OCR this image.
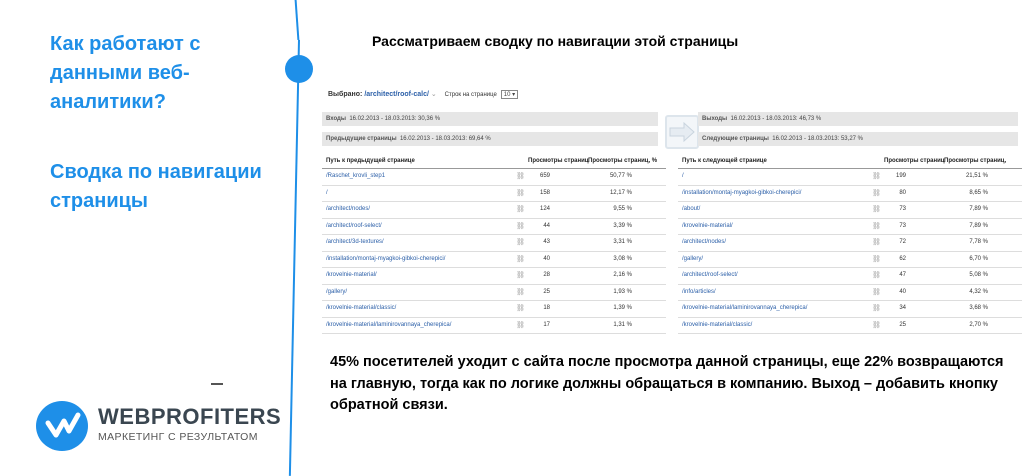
Как работают с данными веб-аналитики?
Сводка по навигации страницы
Рассматриваем сводку по навигации этой страницы
Выбрано: /architect/roof-calc/ ⌄ Строк на странице 10 ▾
Входы 16.02.2013 - 18.03.2013: 30,36 %
Предыдущие страницы 16.02.2013 - 18.03.2013: 69,64 %
Выходы 16.02.2013 - 18.03.2013: 46,73 %
Следующие страницы 16.02.2013 - 18.03.2013: 53,27 %
Путь к предыдущей странице	Просмотры страниц Просмотры страниц, %
/Raschet_krovli_step1	⛓	659	50,77 %
/	⛓	158	12,17 %
/architect/nodes/	⛓	124	9,55 %
/architect/roof-select/	⛓	44	3,39 %
/architect/3d-textures/	⛓	43	3,31 %
/installation/montaj-myagkoi-gibkoi-cherepici/	⛓	40	3,08 %
/krovelnie-material/	⛓	28	2,16 %
/gallery/	⛓	25	1,93 %
/krovelnie-material/classic/	⛓	18	1,39 %
/krovelnie-material/laminirovannaya_cherepica/	⛓	17	1,31 %
Путь к следующей странице	Просмотры страниц Просмотры страниц,
/	⛓	199	21,51 %
/installation/montaj-myagkoi-gibkoi-cherepici/	⛓	80	8,65 %
/about/	⛓	73	7,89 %
/krovelnie-material/	⛓	73	7,89 %
/architect/nodes/	⛓	72	7,78 %
/gallery/	⛓	62	6,70 %
/architect/roof-select/	⛓	47	5,08 %
/info/articles/	⛓	40	4,32 %
/krovelnie-material/laminirovannaya_cherepica/	⛓	34	3,68 %
/krovelnie-material/classic/	⛓	25	2,70 %
45% посетителей уходит с сайта после просмотра данной страницы, еще 22% возвращаются на главную, тогда как по логике должны обращаться в компанию. Выход – добавить кнопку обратной связи.
WEBPROFITERS
МАРКЕТИНГ С РЕЗУЛЬТАТОМ
